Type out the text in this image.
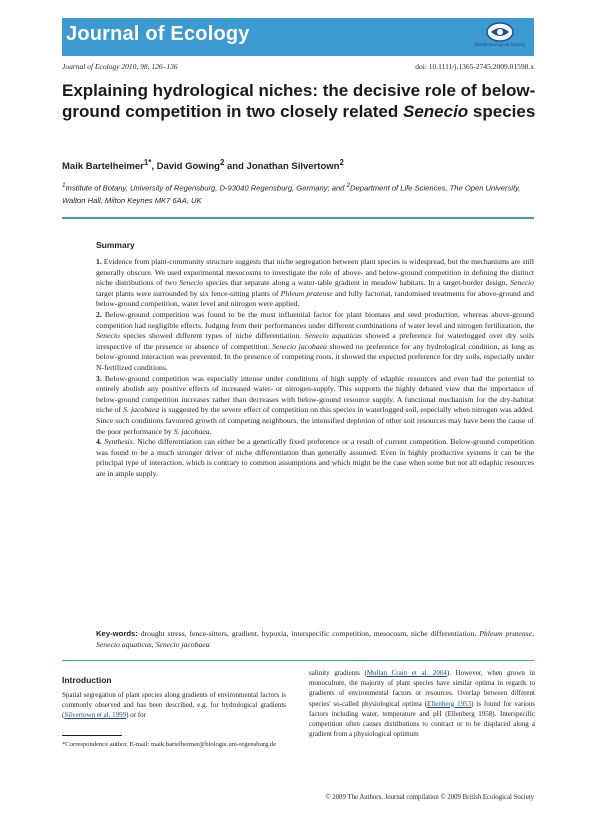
Journal of Ecology	British Ecological Society
Journal of Ecology 2010, 98, 126–136	doi: 10.1111/j.1365-2745.2009.01598.x
Explaining hydrological niches: the decisive role of below-ground competition in two closely related Senecio species
Maik Bartelheimer$^{1*}$, David Gowing$^2$ and Jonathan Silvertown$^2$
$^1$Institute of Botany, University of Regensburg, D-93040 Regensburg, Germany; and $^2$Department of Life Sciences, The Open University, Walton Hall, Milton Keynes MK7 6AA, UK
Summary

1. Evidence from plant-community structure suggests that niche segregation between plant species is widespread, but the mechanisms are still generally obscure. We used experimental mesocosms to investigate the role of above- and below-ground competition in defining the distinct niche distributions of two Senecio species that separate along a water-table gradient in meadow habitats. In a target-border design, Senecio target plants were surrounded by six fence-sitting plants of Phleum pratense and fully factorial, randomised treatments for above-ground and below-ground competition, water level and nitrogen were applied.

2. Below-ground competition was found to be the most influential factor for plant biomass and seed production, whereas above-ground competition had negligible effects. Judging from their performances under different combinations of water level and nitrogen fertilization, the Senecio species showed different types of niche differentiation. Senecio aquaticus showed a preference for waterlogged over dry soils irrespective of the presence or absence of competition. Senecio jacobaea showed no preference for any hydrological condition, as long as below-ground interaction was prevented. In the presence of competing roots, it showed the expected preference for dry soils, especially under N-fertilized conditions.

3. Below-ground competition was especially intense under conditions of high supply of edaphic resources and even had the potential to entirely abolish any positive effects of increased water- or nitrogen-supply. This supports the highly debated view that the importance of below-ground competition increases rather than decreases with below-ground resource supply. A functional mechanism for the dry-habitat niche of S. jacobaea is suggested by the severe effect of competition on this species in waterlogged soil, especially when nitrogen was added. Since such conditions favoured growth of competing neighbours, the intensified depletion of other soil resources may have been the cause of the poor performance by S. jacobaea.

4. Synthesis. Niche differentiation can either be a genetically fixed preference or a result of current competition. Below-ground competition was found to be a much stronger driver of niche differentiation than generally assumed. Even in highly productive systems it can be the principal type of interaction, which is contrary to common assumptions and which might be the case when some but not all edaphic resources are in ample supply.

Key-words: drought stress, fence-sitters, gradient, hypoxia, interspecific competition, mesocosm, niche differentiation, Phleum pratense, Senecio aquaticus, Senecio jacobaea
Introduction
Spatial segregation of plant species along gradients of environmental factors is commonly observed and has been described, e.g. for hydrological gradients (Silvertown et al. 1999) or for
salinity gradients (Mullan Crain et al. 2004). However, when grown in monoculture, the majority of plant species have similar optima in regards to gradients of environmental factors or resources. Overlap between different species' so-called physiological optima (Ellenberg 1953) is found for various factors including water, temperature and pH (Ellenberg 1958). Interspecific competition often causes distributions to contract or to be displaced along a gradient from a physiological optimum
*Correspondence author. E-mail: maik.bartelheimer@biologie.uni-regensburg.de
© 2009 The Authors. Journal compilation © 2009 British Ecological Society
